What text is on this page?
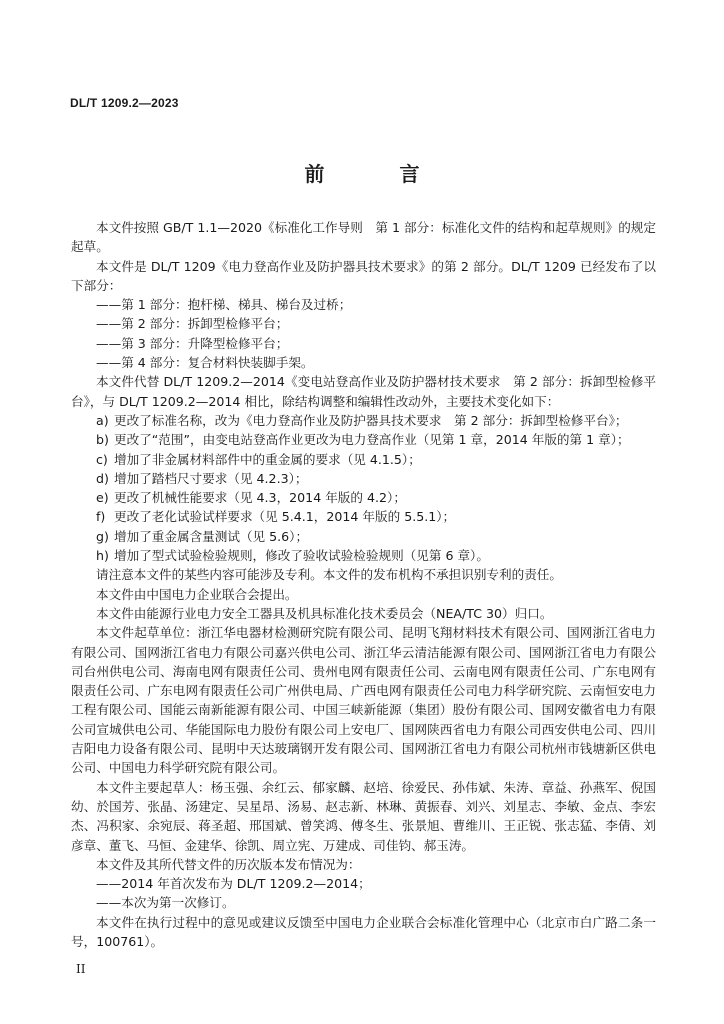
DL/T 1209.2—2023
前 言

本文件按照 GB/T 1.1—2020《标准化工作导则　第 1 部分：标准化文件的结构和起草规则》的规定起草。

本文件是 DL/T 1209《电力登高作业及防护器具技术要求》的第 2 部分。DL/T 1209 已经发布了以下部分：

——第 1 部分：抱杆梯、梯具、梯台及过桥；

——第 2 部分：拆卸型检修平台；

——第 3 部分：升降型检修平台；

——第 4 部分：复合材料快装脚手架。

本文件代替 DL/T 1209.2—2014《变电站登高作业及防护器材技术要求　第 2 部分：拆卸型检修平台》，与 DL/T 1209.2—2014 相比，除结构调整和编辑性改动外，主要技术变化如下：

a) 更改了标准名称，改为《电力登高作业及防护器具技术要求　第 2 部分：拆卸型检修平台》；
b) 更改了“范围”，由变电站登高作业更改为电力登高作业（见第 1 章，2014 年版的第 1 章）；
c) 增加了非金属材料部件中的重金属的要求（见 4.1.5）；
d) 增加了踏档尺寸要求（见 4.2.3）；
e) 更改了机械性能要求（见 4.3，2014 年版的 4.2）；
f) 更改了老化试验试样要求（见 5.4.1，2014 年版的 5.5.1）；
g) 增加了重金属含量测试（见 5.6）；
h) 增加了型式试验检验规则，修改了验收试验检验规则（见第 6 章）。

请注意本文件的某些内容可能涉及专利。本文件的发布机构不承担识别专利的责任。

本文件由中国电力企业联合会提出。

本文件由能源行业电力安全工器具及机具标准化技术委员会（NEA/TC 30）归口。

本文件起草单位：浙江华电器材检测研究院有限公司、昆明飞翔材料技术有限公司、国网浙江省电力有限公司、国网浙江省电力有限公司嘉兴供电公司、浙江华云清洁能源有限公司、国网浙江省电力有限公司台州供电公司、海南电网有限责任公司、贵州电网有限责任公司、云南电网有限责任公司、广东电网有限责任公司、广东电网有限责任公司广州供电局、广西电网有限责任公司电力科学研究院、云南恒安电力工程有限公司、国能云南新能源有限公司、中国三峡新能源（集团）股份有限公司、国网安徽省电力有限公司宣城供电公司、华能国际电力股份有限公司上安电厂、国网陕西省电力有限公司西安供电公司、四川吉阳电力设备有限公司、昆明中天达玻璃钢开发有限公司、国网浙江省电力有限公司杭州市钱塘新区供电公司、中国电力科学研究院有限公司。

本文件主要起草人：杨玉强、余红云、郁家麟、赵培、徐爱民、孙伟斌、朱涛、章益、孙燕军、倪国幼、於国芳、张晶、汤建定、吴星昂、汤易、赵志新、林琳、黄振春、刘兴、刘星志、李敏、金点、李宏杰、冯积家、余宛辰、蒋圣超、邢国斌、曾笑鸿、傅冬生、张景旭、曹维川、王正锐、张志猛、李倩、刘彦章、董飞、马恒、金建华、徐凯、周立宪、万建成、司佳钧、郝玉涛。

本文件及其所代替文件的历次版本发布情况为：

——2014 年首次发布为 DL/T 1209.2—2014；

——本次为第一次修订。

本文件在执行过程中的意见或建议反馈至中国电力企业联合会标准化管理中心（北京市白广路二条一号，100761）。

II
